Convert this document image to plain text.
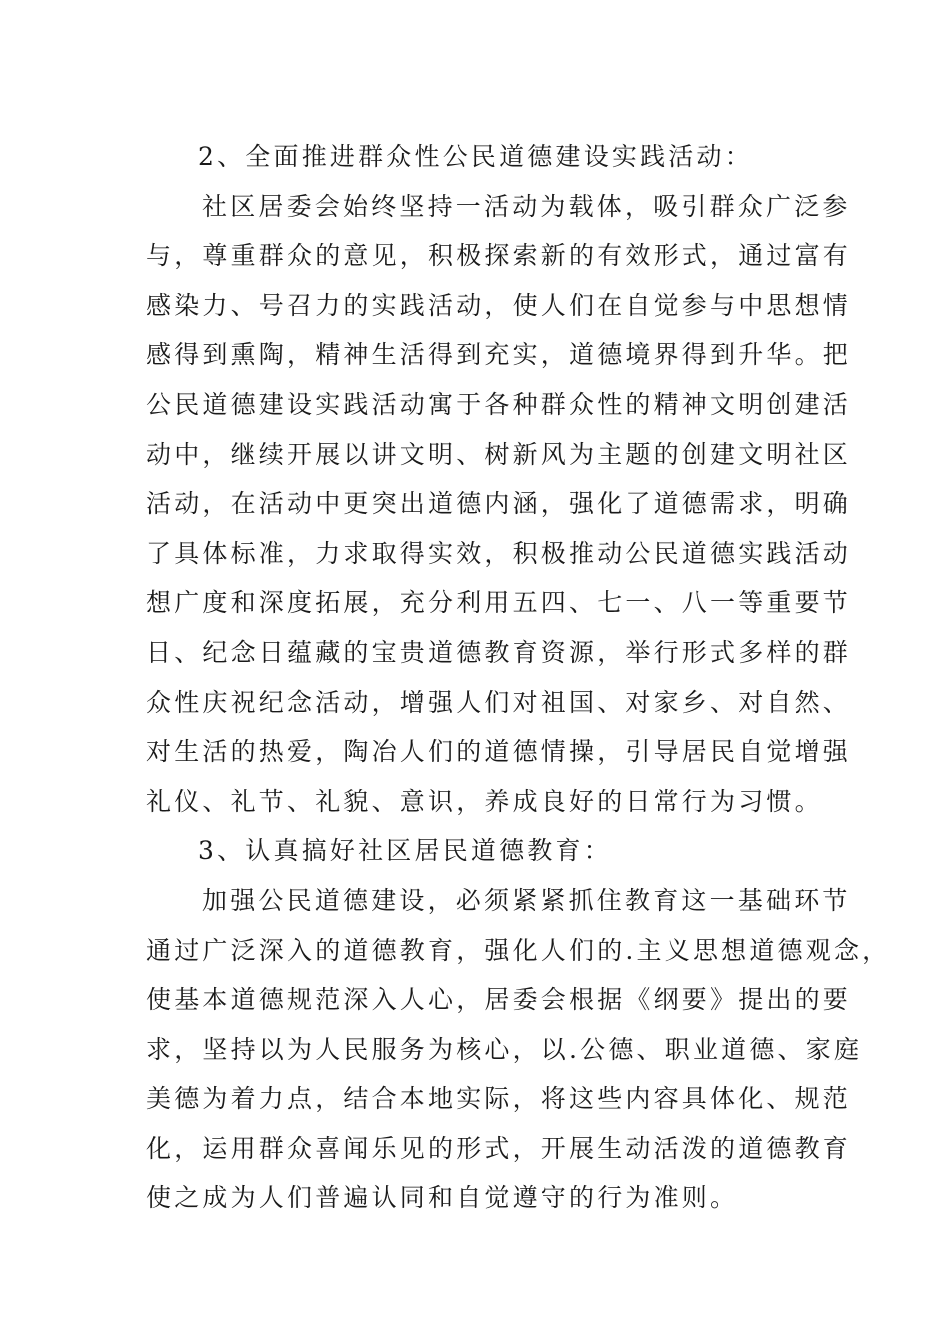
2、全面推进群众性公民道德建设实践活动：
社区居委会始终坚持一活动为载体，吸引群众广泛参
与，尊重群众的意见，积极探索新的有效形式，通过富有
感染力、号召力的实践活动，使人们在自觉参与中思想情
感得到熏陶，精神生活得到充实，道德境界得到升华。把
公民道德建设实践活动寓于各种群众性的精神文明创建活
动中，继续开展以讲文明、树新风为主题的创建文明社区
活动，在活动中更突出道德内涵，强化了道德需求，明确
了具体标准，力求取得实效，积极推动公民道德实践活动
想广度和深度拓展，充分利用五四、七一、八一等重要节
日、纪念日蕴藏的宝贵道德教育资源，举行形式多样的群
众性庆祝纪念活动，增强人们对祖国、对家乡、对自然、
对生活的热爱，陶冶人们的道德情操，引导居民自觉增强
礼仪、礼节、礼貌、意识，养成良好的日常行为习惯。
3、认真搞好社区居民道德教育：
加强公民道德建设，必须紧紧抓住教育这一基础环节
通过广泛深入的道德教育，强化人们的.主义思想道德观念，
使基本道德规范深入人心，居委会根据《纲要》提出的要
求，坚持以为人民服务为核心，以.公德、职业道德、家庭
美德为着力点，结合本地实际，将这些内容具体化、规范
化，运用群众喜闻乐见的形式，开展生动活泼的道德教育
使之成为人们普遍认同和自觉遵守的行为准则。
